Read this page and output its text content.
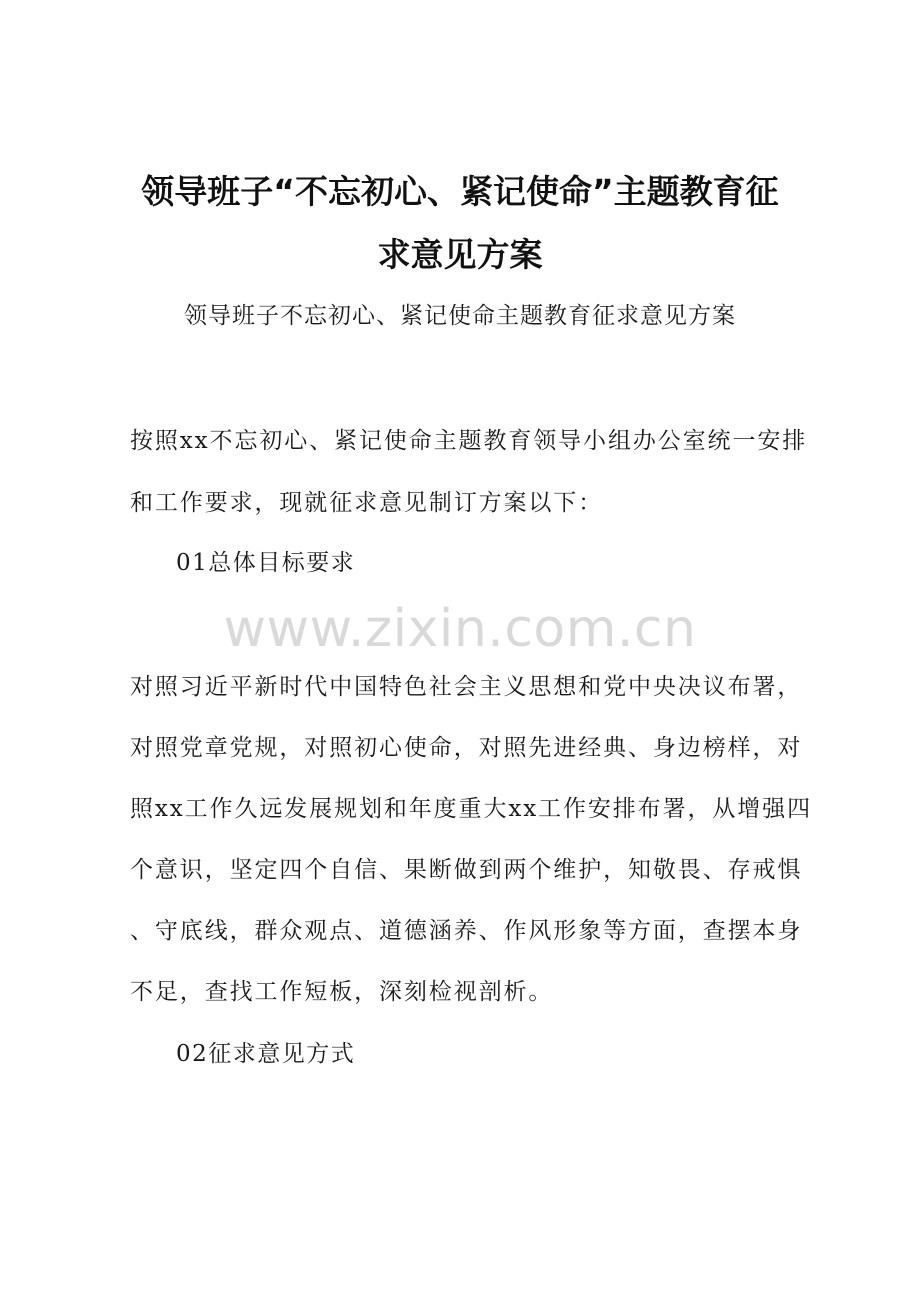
领导班子“不忘初心、紧记使命”主题教育征
求意见方案

领导班子不忘初心、紧记使命主题教育征求意见方案

按照xx不忘初心、紧记使命主题教育领导小组办公室统一安排

和工作要求，现就征求意见制订方案以下：

01总体目标要求

www.zixin.com.cn

对照习近平新时代中国特色社会主义思想和党中央决议布署，

对照党章党规，对照初心使命，对照先进经典、身边榜样，对

照xx工作久远发展规划和年度重大xx工作安排布署，从增强四

个意识，坚定四个自信、果断做到两个维护，知敬畏、存戒惧

、守底线，群众观点、道德涵养、作风形象等方面，查摆本身

不足，查找工作短板，深刻检视剖析。

02征求意见方式
